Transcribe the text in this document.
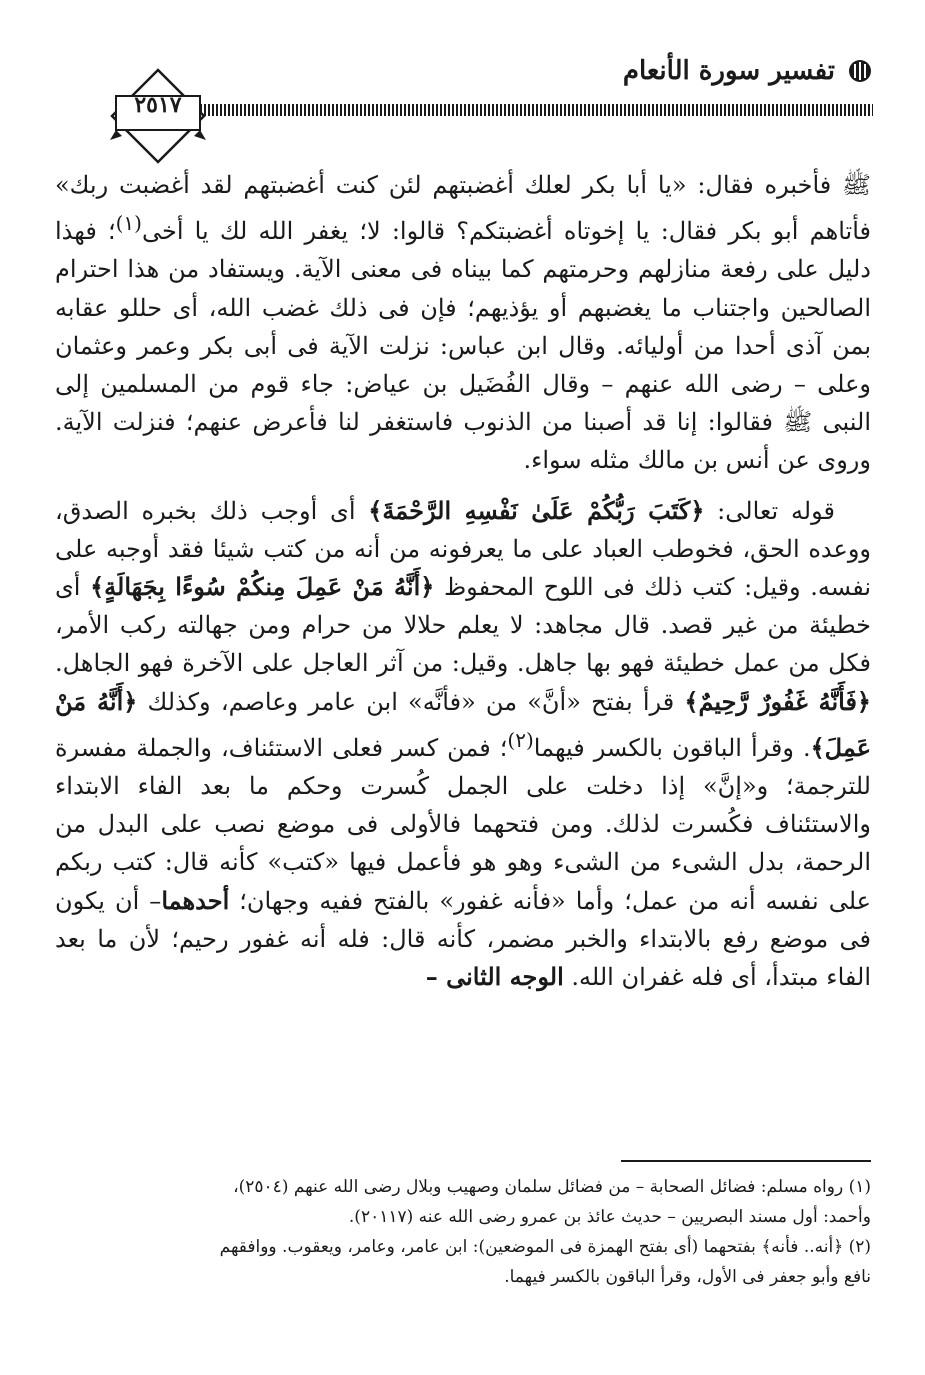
تفسير سورة الأنعام
٢٥١٧

ﷺ فأخبره فقال: «يا أبا بكر لعلك أغضبتهم لئن كنت أغضبتهم لقد أغضبت ربك» فأتاهم أبو بكر فقال: يا إخوتاه أغضبتكم؟ قالوا: لا؛ يغفر الله لك يا أخى$^{(١)}$؛ فهذا دليل على رفعة منازلهم وحرمتهم كما بيناه فى معنى الآية. ويستفاد من هذا احترام الصالحين واجتناب ما يغضبهم أو يؤذيهم؛ فإن فى ذلك غضب الله، أى حللو عقابه بمن آذى أحدا من أوليائه. وقال ابن عباس: نزلت الآية فى أبى بكر وعمر وعثمان وعلى – رضى الله عنهم – وقال الفُضَيل بن عياض: جاء قوم من المسلمين إلى النبى ﷺ فقالوا: إنا قد أصبنا من الذنوب فاستغفر لنا فأعرض عنهم؛ فنزلت الآية. وروى عن أنس بن مالك مثله سواء.

قوله تعالى: ﴿كَتَبَ رَبُّكُمْ عَلَىٰ نَفْسِهِ الرَّحْمَةَ﴾ أى أوجب ذلك بخبره الصدق، ووعده الحق، فخوطب العباد على ما يعرفونه من أنه من كتب شيئا فقد أوجبه على نفسه. وقيل: كتب ذلك فى اللوح المحفوظ ﴿أَنَّهُ مَنْ عَمِلَ مِنكُمْ سُوءًا بِجَهَالَةٍ﴾ أى خطيئة من غير قصد. قال مجاهد: لا يعلم حلالا من حرام ومن جهالته ركب الأمر، فكل من عمل خطيئة فهو بها جاهل. وقيل: من آثر العاجل على الآخرة فهو الجاهل. ﴿فَأَنَّهُ غَفُورٌ رَّحِيمٌ﴾ قرأ بفتح «أنَّ» من «فأنَّه» ابن عامر وعاصم، وكذلك ﴿أَنَّهُ مَنْ عَمِلَ﴾. وقرأ الباقون بالكسر فيهما$^{(٢)}$؛ فمن كسر فعلى الاستئناف، والجملة مفسرة للترجمة؛ و«إنَّ» إذا دخلت على الجمل كُسرت وحكم ما بعد الفاء الابتداء والاستئناف فكُسرت لذلك. ومن فتحهما فالأولى فى موضع نصب على البدل من الرحمة، بدل الشىء من الشىء وهو هو فأعمل فيها «كتب» كأنه قال: كتب ربكم على نفسه أنه من عمل؛ وأما «فأنه غفور» بالفتح ففيه وجهان؛ أحدهما– أن يكون فى موضع رفع بالابتداء والخبر مضمر، كأنه قال: فله أنه غفور رحيم؛ لأن ما بعد الفاء مبتدأ، أى فله غفران الله. الوجه الثانى –

(١) رواه مسلم: فضائل الصحابة – من فضائل سلمان وصهيب وبلال رضى الله عنهم (٢٥٠٤)،

وأحمد: أول مسند البصريين – حديث عائذ بن عمرو رضى الله عنه (٢٠١١٧).

(٢) ﴿أنه.. فأنه﴾ بفتحهما (أى بفتح الهمزة فى الموضعين): ابن عامر، وعامر، ويعقوب. ووافقهم

نافع وأبو جعفر فى الأول، وقرأ الباقون بالكسر فيهما.
